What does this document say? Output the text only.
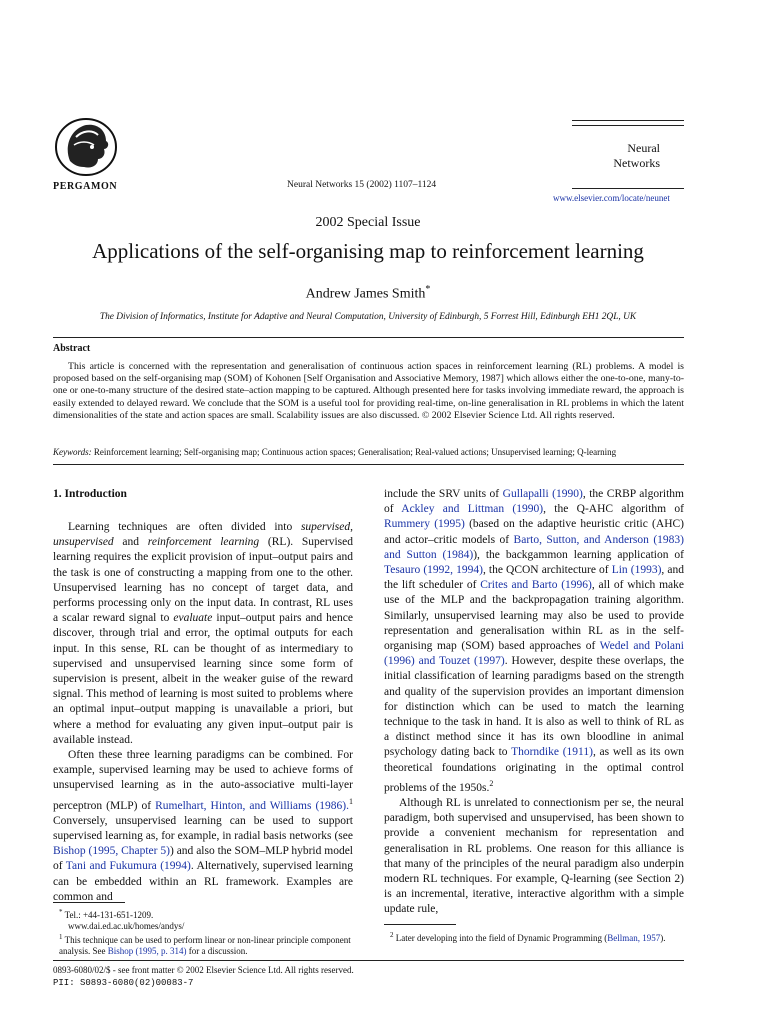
PERGAMON	Neural Networks 15 (2002) 1107–1124
Neural
Networks
www.elsevier.com/locate/neunet
2002 Special Issue
Applications of the self-organising map to reinforcement learning
Andrew James Smith*
The Division of Informatics, Institute for Adaptive and Neural Computation, University of Edinburgh, 5 Forrest Hill, Edinburgh EH1 2QL, UK
Abstract
This article is concerned with the representation and generalisation of continuous action spaces in reinforcement learning (RL) problems. A model is proposed based on the self-organising map (SOM) of Kohonen [Self Organisation and Associative Memory, 1987] which allows either the one-to-one, many-to-one or one-to-many structure of the desired state–action mapping to be captured. Although presented here for tasks involving immediate reward, the approach is easily extended to delayed reward. We conclude that the SOM is a useful tool for providing real-time, on-line generalisation in RL problems in which the latent dimensionalities of the state and action spaces are small. Scalability issues are also discussed. © 2002 Elsevier Science Ltd. All rights reserved.
Keywords: Reinforcement learning; Self-organising map; Continuous action spaces; Generalisation; Real-valued actions; Unsupervised learning; Q-learning
1. Introduction

Learning techniques are often divided into supervised, unsupervised and reinforcement learning (RL). Supervised learning requires the explicit provision of input–output pairs and the task is one of constructing a mapping from one to the other. Unsupervised learning has no concept of target data, and performs processing only on the input data. In contrast, RL uses a scalar reward signal to evaluate input–output pairs and hence discover, through trial and error, the optimal outputs for each input. In this sense, RL can be thought of as intermediary to supervised and unsupervised learning since some form of supervision is present, albeit in the weaker guise of the reward signal. This method of learning is most suited to problems where an optimal input–output mapping is unavailable a priori, but where a method for evaluating any given input–output pair is available instead.

Often these three learning paradigms can be combined. For example, supervised learning may be used to achieve forms of unsupervised learning as in the auto-associative multi-layer perceptron (MLP) of Rumelhart, Hinton, and Williams (1986).$^1$ Conversely, unsupervised learning can be used to support supervised learning as, for example, in radial basis networks (see Bishop (1995, Chapter 5)) and also the SOM–MLP hybrid model of Tani and Fukumura (1994). Alternatively, supervised learning can be embedded within an RL framework. Examples are common and

include the SRV units of Gullapalli (1990), the CRBP algorithm of Ackley and Littman (1990), the Q-AHC algorithm of Rummery (1995) (based on the adaptive heuristic critic (AHC) and actor–critic models of Barto, Sutton, and Anderson (1983) and Sutton (1984)), the backgammon learning application of Tesauro (1992, 1994), the QCON architecture of Lin (1993), and the lift scheduler of Crites and Barto (1996), all of which make use of the MLP and the backpropagation training algorithm. Similarly, unsupervised learning may also be used to provide representation and generalisation within RL as in the self-organising map (SOM) based approaches of Wedel and Polani (1996) and Touzet (1997). However, despite these overlaps, the initial classification of learning paradigms based on the strength and quality of the supervision provides an important dimension for distinction which can be used to match the learning technique to the task in hand. It is also as well to think of RL as a distinct method since it has its own bloodline in animal psychology dating back to Thorndike (1911), as well as its own theoretical foundations originating in the optimal control problems of the 1950s.$^2$

Although RL is unrelated to connectionism per se, the neural paradigm, both supervised and unsupervised, has been shown to provide a convenient mechanism for representation and generalisation in RL problems. One reason for this alliance is that many of the principles of the neural paradigm also underpin modern RL techniques. For example, Q-learning (see Section 2) is an incremental, iterative, interactive algorithm with a simple update rule,

* Tel.: +44-131-651-1209.
www.dai.ed.ac.uk/homes/andys/
$^1$ This technique can be used to perform linear or non-linear principle component analysis. See Bishop (1995, p. 314) for a discussion.
$^2$ Later developing into the field of Dynamic Programming (Bellman, 1957).
0893-6080/02/$ - see front matter © 2002 Elsevier Science Ltd. All rights reserved.
PII: S0893-6080(02)00083-7
